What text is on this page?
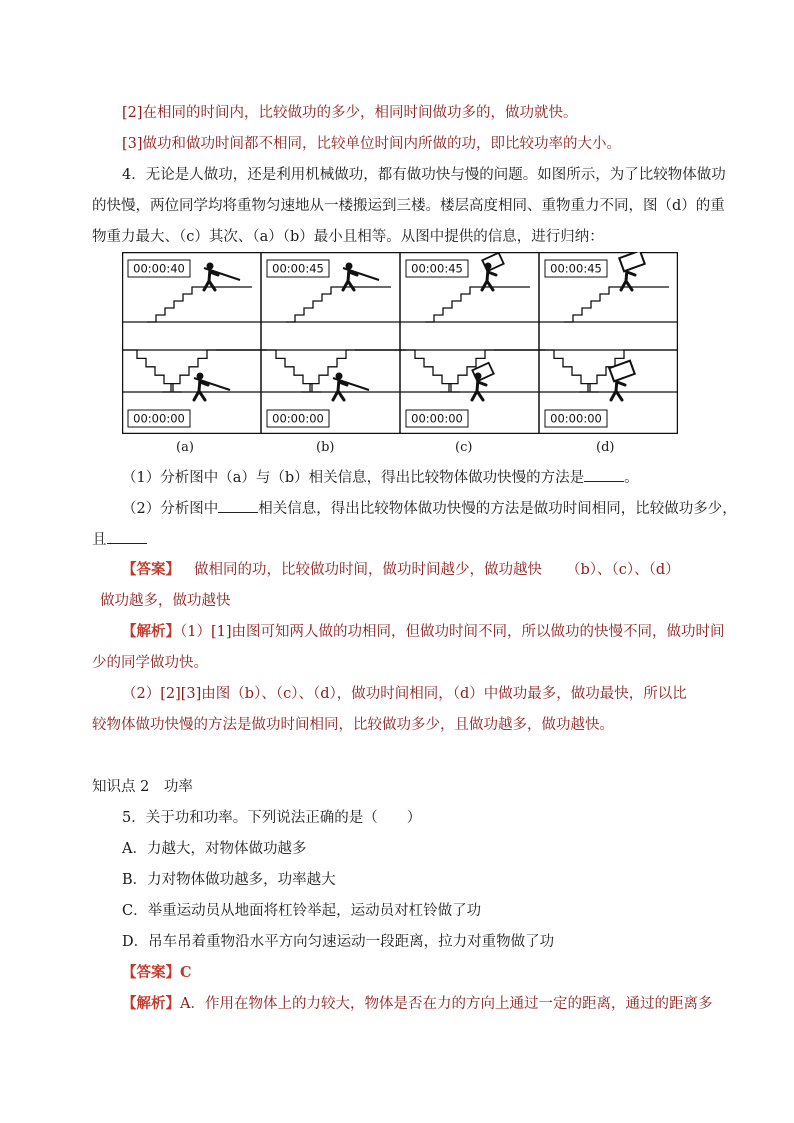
[2]在相同的时间内，比较做功的多少，相同时间做功多的，做功就快。
[3]做功和做功时间都不相同，比较单位时间内所做的功，即比较功率的大小。
4．无论是人做功，还是利用机械做功，都有做功快与慢的问题。如图所示，为了比较物体做功
的快慢，两位同学均将重物匀速地从一楼搬运到三楼。楼层高度相同、重物重力不同，图（d）的重
物重力最大、（c）其次、（a）（b）最小且相等。从图中提供的信息，进行归纳：
00:00:40
00:00:00
00:00:45
00:00:00
00:00:45
00:00:00
00:00:45
00:00:00
(a)	(b)	(c)	(d)
（1）分析图中（a）与（b）相关信息，得出比较物体做功快慢的方法是	。
（2）分析图中	相关信息，得出比较物体做功快慢的方法是做功时间相同，比较做功多少，
且
【答案】 做相同的功，比较做功时间，做功时间越少，做功越快 （b）、（c）、（d）
做功越多，做功越快
【解析】（1）[1]由图可知两人做的功相同，但做功时间不同，所以做功的快慢不同，做功时间
少的同学做功快。
（2）[2][3]由图（b）、（c）、（d），做功时间相同，（d）中做功最多，做功最快，所以比
较物体做功快慢的方法是做功时间相同，比较做功多少，且做功越多，做功越快。
知识点 2　功率
5．关于功和功率。下列说法正确的是（　　）
A．力越大，对物体做功越多
B．力对物体做功越多，功率越大
C．举重运动员从地面将杠铃举起，运动员对杠铃做了功
D．吊车吊着重物沿水平方向匀速运动一段距离，拉力对重物做了功
【答案】C
【解析】A．作用在物体上的力较大，物体是否在力的方向上通过一定的距离，通过的距离多
